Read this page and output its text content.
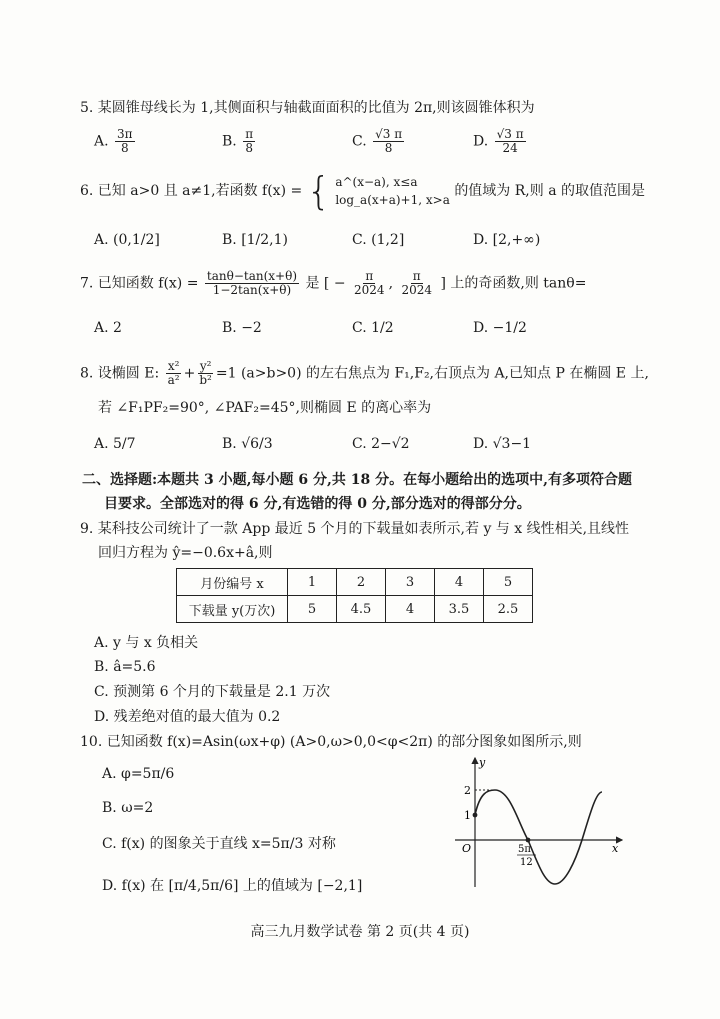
5. 某圆锥母线长为 1,其侧面积与轴截面面积的比值为 2π,则该圆锥体积为
A. $\frac{3\pi}{8}$	B. $\frac{\pi}{8}$	C. $\frac{√3 \pi}{8}$	D. $\frac{√3 \pi}{24}$
6. 已知 a>0 且 a≠1,若函数 f(x) = { a^(x−a), x≤a
log_a(x+a)+1, x>a
的值域为 R,则 a 的取值范围是
A. (0,1/2]	B. [1/2,1)	C. (1,2]	D. [2,+∞)
7. 已知函数 $f(x) = \frac{\tan\theta-\tan(x+\theta)}{1-2\tan(x+\theta)}$ 是 [ − $\frac{\pi}{2024}$ , $\frac{\pi}{2024}$ ] 上的奇函数,则 tanθ=
A. 2	B. −2	C. 1/2	D. −1/2
8. 设椭圆 E: $\frac{\text{x²}}{\text{a²}} + \frac{\text{y²}}{\text{b²}} =1$ (a>b>0) 的左右焦点为 F₁,F₂,右顶点为 A,已知点 P 在椭圆 E 上,
若 ∠F₁PF₂=90°, ∠PAF₂=45°,则椭圆 E 的离心率为
A. 5/7	B. √6/3	C. 2−√2	D. √3−1
二、选择题:本题共 3 小题,每小题 6 分,共 18 分。在每小题给出的选项中,有多项符合题
目要求。全部选对的得 6 分,有选错的得 0 分,部分选对的得部分分。
9. 某科技公司统计了一款 App 最近 5 个月的下载量如表所示,若 y 与 x 线性相关,且线性
回归方程为 ŷ=−0.6x+â,则
月份编号 x	1	2	3	4	5
下载量 y(万次)	5	4.5	4	3.5	2.5
A. y 与 x 负相关
B. â=5.6
C. 预测第 6 个月的下载量是 2.1 万次
D. 残差绝对值的最大值为 0.2
10. 已知函数 f(x)=Asin(ωx+φ) (A>0,ω>0,0<φ<2π) 的部分图象如图所示,则
A. φ=5π/6
B. ω=2
C. f(x) 的图象关于直线 x=5π/3 对称
D. f(x) 在 [π/4,5π/6] 上的值域为 [−2,1]
y
x
O
2
1
5π
12
高三九月数学试卷 第 2 页(共 4 页)
